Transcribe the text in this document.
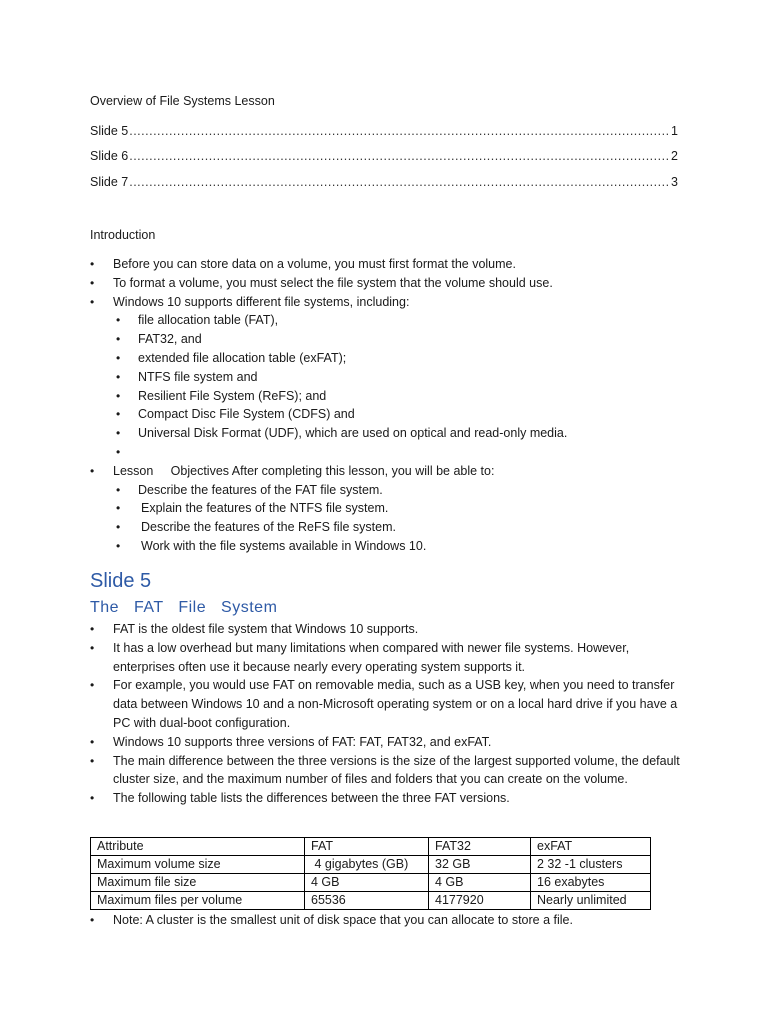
Overview of File Systems Lesson
Slide 5 .....	1
Slide 6 .....	2
Slide 7 .....	3
Introduction
• Before you can store data on a volume, you must first format the volume.
• To format a volume, you must select the file system that the volume should use.
• Windows 10 supports different file systems, including:
• file allocation table (FAT),
• FAT32, and
• extended file allocation table (exFAT);
• NTFS file system and
• Resilient File System (ReFS); and
• Compact Disc File System (CDFS) and
• Universal Disk Format (UDF), which are used on optical and read-only media.
•

• Lesson     Objectives After completing this lesson, you will be able to:
• Describe the features of the FAT file system.
• Explain the features of the NTFS file system.
• Describe the features of the ReFS file system.
• Work with the file systems available in Windows 10.
Slide 5
The FAT File System
• FAT is the oldest file system that Windows 10 supports.
• It has a low overhead but many limitations when compared with newer file systems. However, enterprises often use it because nearly every operating system supports it.
• For example, you would use FAT on removable media, such as a USB key, when you need to transfer data between Windows 10 and a non-Microsoft operating system or on a local hard drive if you have a PC with dual-boot configuration.
• Windows 10 supports three versions of FAT: FAT, FAT32, and exFAT.
• The main difference between the three versions is the size of the largest supported volume, the default cluster size, and the maximum number of files and folders that you can create on the volume.
• The following table lists the differences between the three FAT versions.
Attribute	FAT	FAT32	exFAT
Maximum volume size	4 gigabytes (GB)	32 GB	2 32 -1 clusters
Maximum file size	4 GB	4 GB	16 exabytes
Maximum files per volume	65536	4177920	Nearly unlimited
• Note: A cluster is the smallest unit of disk space that you can allocate to store a file.
